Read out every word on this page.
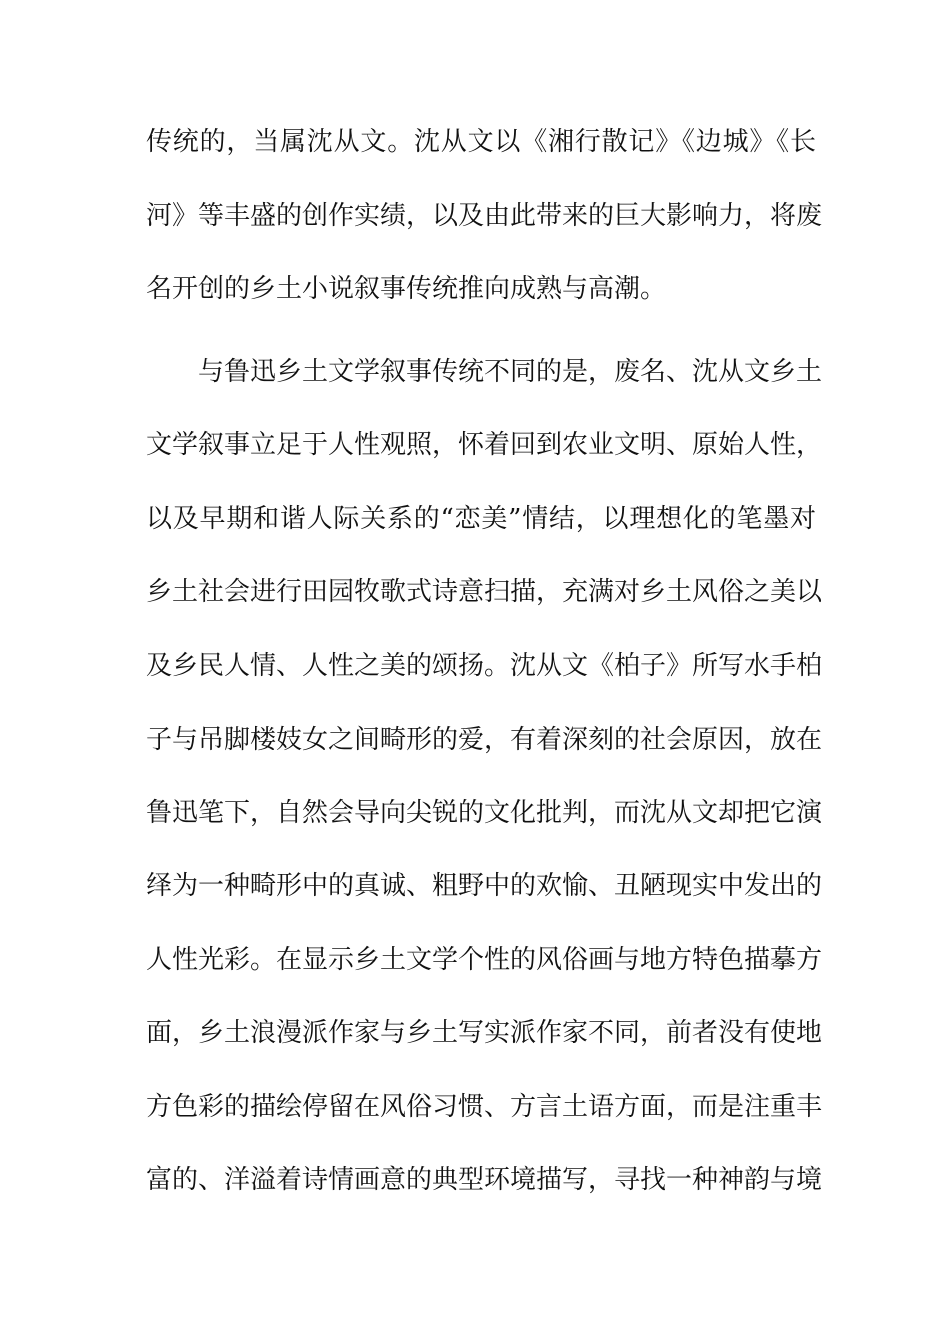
传统的，当属沈从文。沈从文以《湘行散记》《边城》《长
河》等丰盛的创作实绩，以及由此带来的巨大影响力，将废
名开创的乡土小说叙事传统推向成熟与高潮。
与鲁迅乡土文学叙事传统不同的是，废名、沈从文乡土
文学叙事立足于人性观照，怀着回到农业文明、原始人性，
以及早期和谐人际关系的“恋美”情结，以理想化的笔墨对
乡土社会进行田园牧歌式诗意扫描，充满对乡土风俗之美以
及乡民人情、人性之美的颂扬。沈从文《柏子》所写水手柏
子与吊脚楼妓女之间畸形的爱，有着深刻的社会原因，放在
鲁迅笔下，自然会导向尖锐的文化批判，而沈从文却把它演
绎为一种畸形中的真诚、粗野中的欢愉、丑陋现实中发出的
人性光彩。在显示乡土文学个性的风俗画与地方特色描摹方
面，乡土浪漫派作家与乡土写实派作家不同，前者没有使地
方色彩的描绘停留在风俗习惯、方言土语方面，而是注重丰
富的、洋溢着诗情画意的典型环境描写，寻找一种神韵与境
